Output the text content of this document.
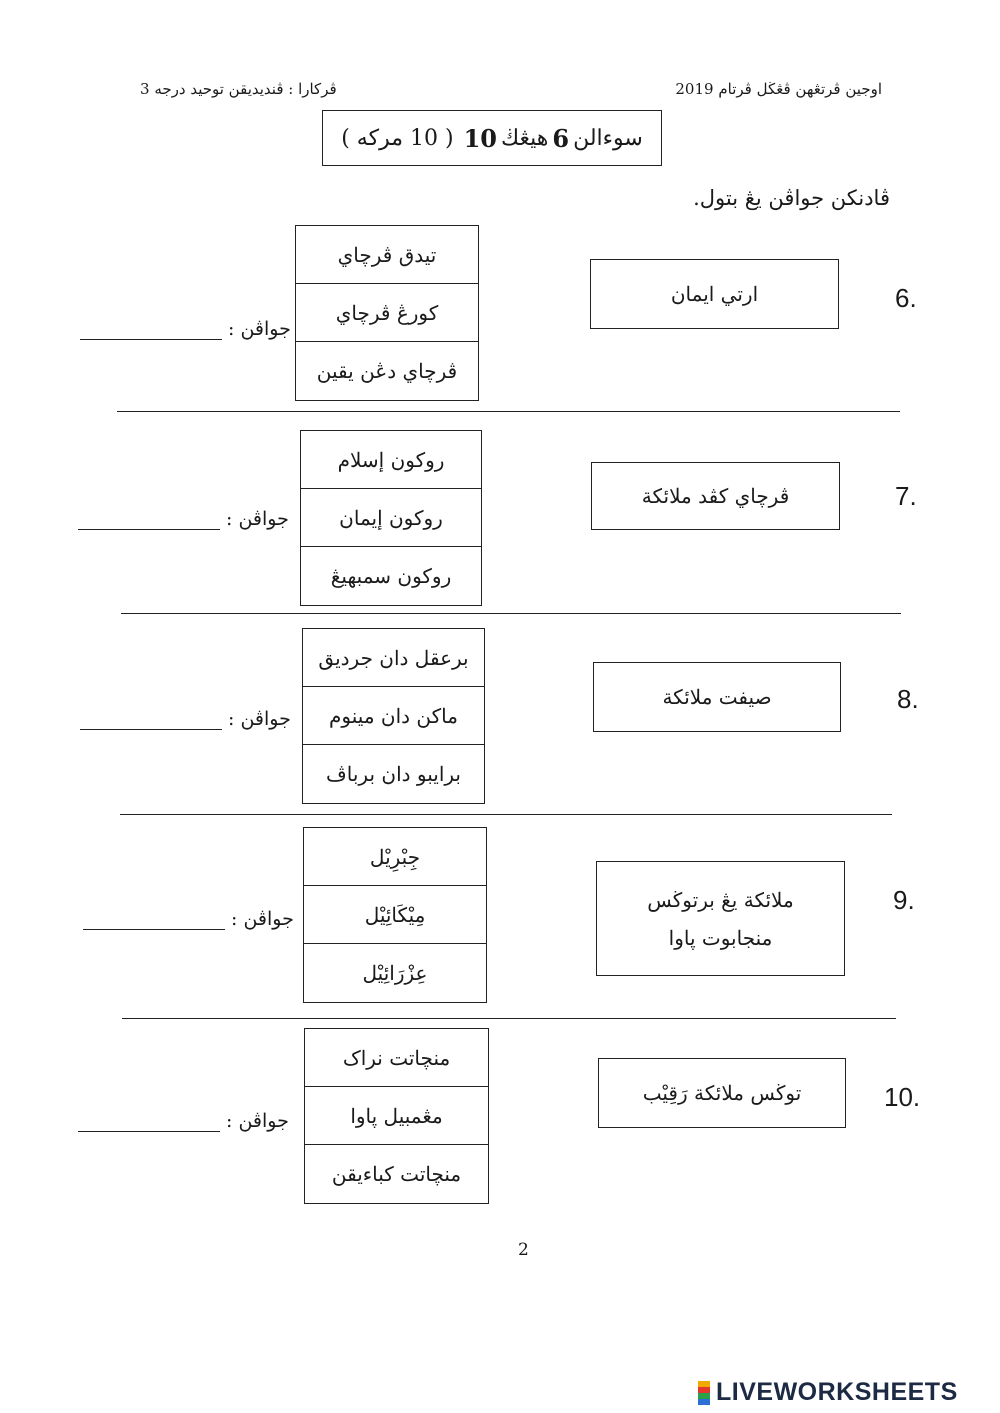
اوجين ڤرتڠهن ڤڠڬل ڤرتام 2019
ڤركارا : ڤنديديقن توحيد درجه 3
سوءالن
6
هيڠڬ
10
( 10 مركه )
ڤادنكن جواڤن يڠ بتول.
6.
ارتي ايمان
تيدق ڤرچاي
كورڠ ڤرچاي
ڤرچاي دڠن يقين
جواڤن :
7.
ڤرچاي كڤد ملائكة
روكون إسلام
روكون إيمان
روكون سمبهيڠ
جواڤن :
8.
صيفت ملائكة
برعقل دان جرديق
ماكن دان مينوم
برايبو دان برباڤ
جواڤن :
9.
ملائكة يڠ برتوڬس
منجابوت ڽاوا
جِبْرِيْل
مِيْكَائِيْل
عِزْرَائِيْل
جواڤن :
10.
توڬس ملائكة رَقِيْب
منچاتت نراک
مڠمبيل ڽاوا
منچاتت كباءيقن
جواڤن :
2
LIVEWORKSHEETS
